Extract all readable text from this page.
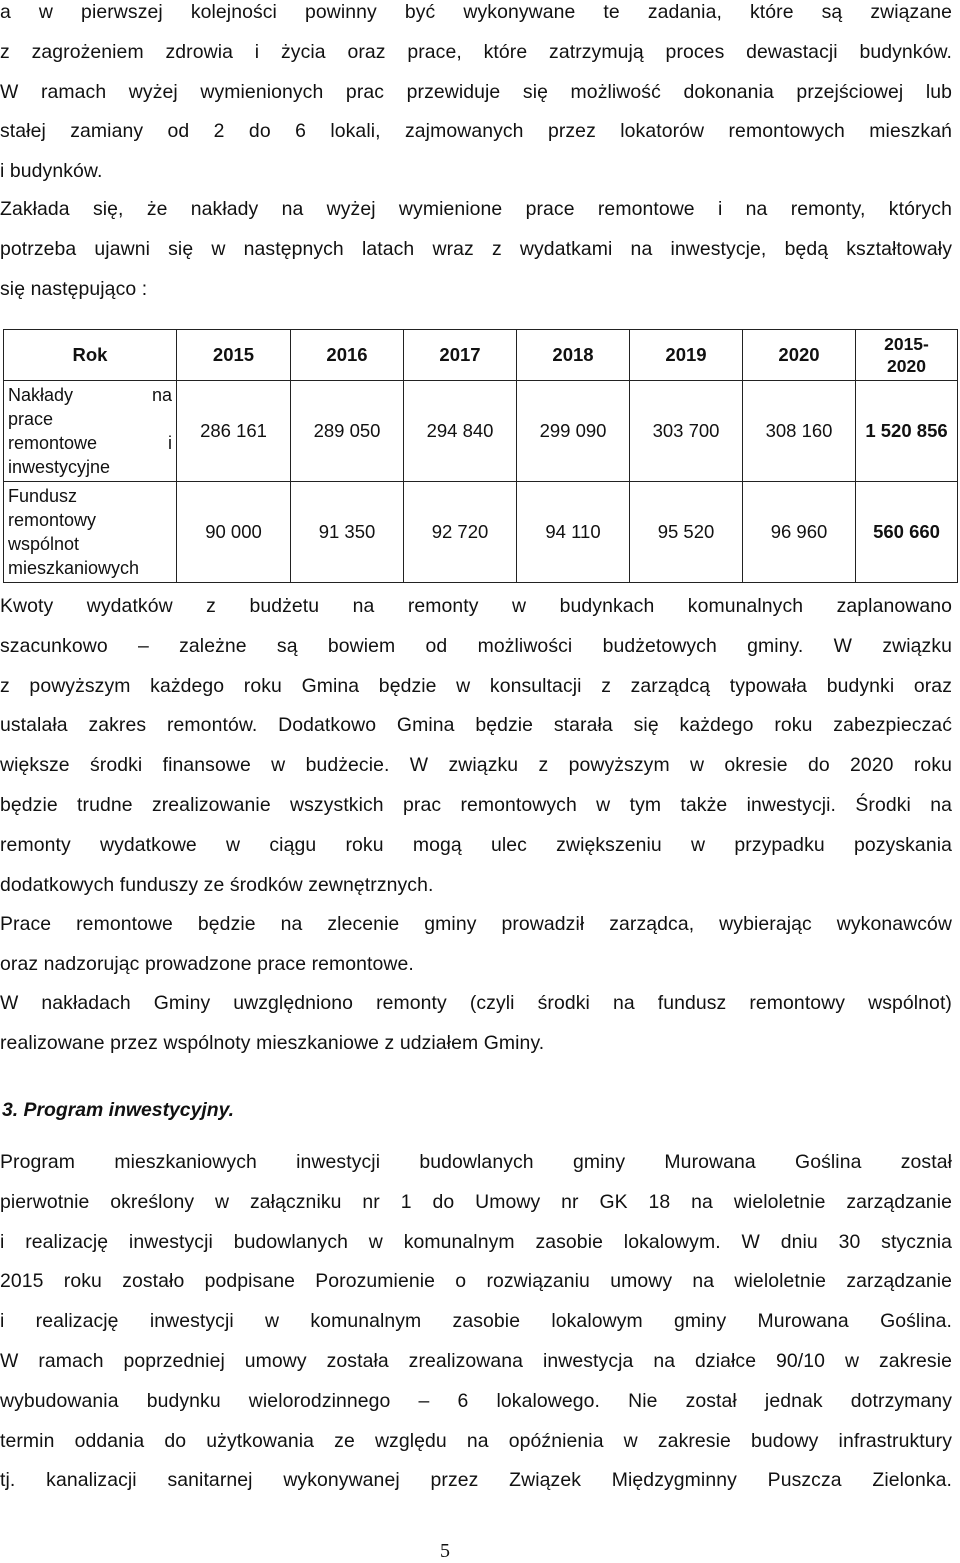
a w pierwszej kolejności powinny być wykonywane te zadania, które są związane
z zagrożeniem zdrowia i życia oraz prace, które zatrzymują proces dewastacji budynków.
W ramach wyżej wymienionych prac przewiduje się możliwość dokonania przejściowej lub
stałej zamiany od 2 do 6 lokali, zajmowanych przez lokatorów remontowych mieszkań
i budynków.
Zakłada się, że nakłady na wyżej wymienione prace remontowe i na remonty, których
potrzeba ujawni się w następnych latach wraz z wydatkami na inwestycje, będą kształtowały
się następująco :
Rok	2015	2016	2017	2018	2019	2020	2015-
2020

Nakłady na
prace
remontowe i
inwestycyjne	286 161	289 050	294 840	299 090	303 700	308 160	1 520 856

Fundusz
remontowy
wspólnot
mieszkaniowych	90 000	91 350	92 720	94 110	95 520	96 960	560 660
Kwoty wydatków z budżetu na remonty w budynkach komunalnych zaplanowano
szacunkowo – zależne są bowiem od możliwości budżetowych gminy. W związku
z powyższym każdego roku Gmina będzie w konsultacji z zarządcą typowała budynki oraz
ustalała zakres remontów. Dodatkowo Gmina będzie starała się każdego roku zabezpieczać
większe środki finansowe w budżecie. W związku z powyższym w okresie do 2020 roku
będzie trudne zrealizowanie wszystkich prac remontowych w tym także inwestycji. Środki na
remonty wydatkowe w ciągu roku mogą ulec zwiększeniu w przypadku pozyskania
dodatkowych funduszy ze środków zewnętrznych.
Prace remontowe będzie na zlecenie gminy prowadził zarządca, wybierając wykonawców
oraz nadzorując prowadzone prace remontowe.
W nakładach Gminy uwzględniono remonty (czyli środki na fundusz remontowy wspólnot)
realizowane przez wspólnoty mieszkaniowe z udziałem Gminy.
3. Program inwestycyjny.
Program mieszkaniowych inwestycji budowlanych gminy Murowana Goślina został
pierwotnie określony w załączniku nr 1 do Umowy nr GK 18 na wieloletnie zarządzanie
i realizację inwestycji budowlanych w komunalnym zasobie lokalowym. W dniu 30 stycznia
2015 roku zostało podpisane Porozumienie o rozwiązaniu umowy na wieloletnie zarządzanie
i realizację inwestycji w komunalnym zasobie lokalowym gminy Murowana Goślina.
W ramach poprzedniej umowy została zrealizowana inwestycja na działce 90/10 w zakresie
wybudowania budynku wielorodzinnego – 6 lokalowego. Nie został jednak dotrzymany
termin oddania do użytkowania ze względu na opóźnienia w zakresie budowy infrastruktury
tj. kanalizacji sanitarnej wykonywanej przez Związek Międzygminny Puszcza Zielonka.
5
